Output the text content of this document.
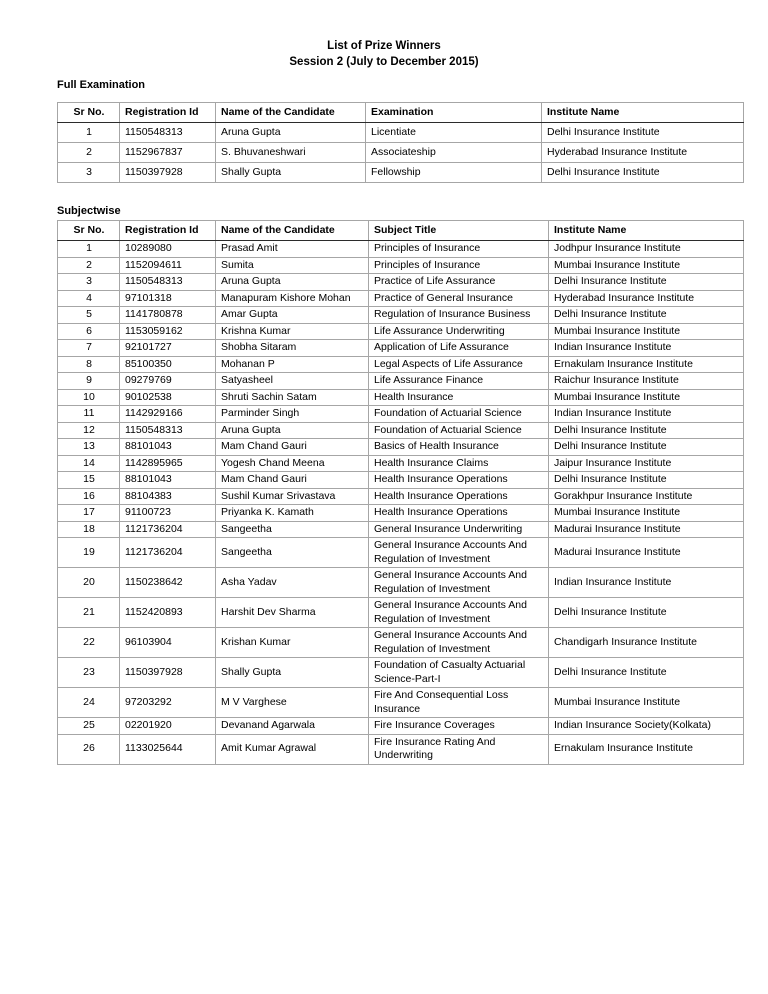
List of Prize Winners
Session 2 (July to December 2015)

Full Examination

Sr No.	Registration Id	Name of the Candidate	Examination	Institute Name
1	1150548313	Aruna Gupta	Licentiate	Delhi Insurance Institute
2	1152967837	S. Bhuvaneshwari	Associateship	Hyderabad Insurance Institute
3	1150397928	Shally Gupta	Fellowship	Delhi Insurance Institute

Subjectwise

Sr No.	Registration Id	Name of the Candidate	Subject Title	Institute Name
1	10289080	Prasad Amit	Principles of Insurance	Jodhpur Insurance Institute
2	1152094611	Sumita	Principles of Insurance	Mumbai Insurance Institute
3	1150548313	Aruna Gupta	Practice of Life Assurance	Delhi Insurance Institute
4	97101318	Manapuram Kishore Mohan	Practice of General Insurance	Hyderabad Insurance Institute
5	1141780878	Amar Gupta	Regulation of Insurance Business	Delhi Insurance Institute
6	1153059162	Krishna Kumar	Life Assurance Underwriting	Mumbai Insurance Institute
7	92101727	Shobha Sitaram	Application of Life Assurance	Indian Insurance Institute
8	85100350	Mohanan P	Legal Aspects of Life Assurance	Ernakulam Insurance Institute
9	09279769	Satyasheel	Life Assurance Finance	Raichur Insurance Institute
10	90102538	Shruti Sachin Satam	Health Insurance	Mumbai Insurance Institute
11	1142929166	Parminder Singh	Foundation of Actuarial Science	Indian Insurance Institute
12	1150548313	Aruna Gupta	Foundation of Actuarial Science	Delhi Insurance Institute
13	88101043	Mam Chand Gauri	Basics of Health Insurance	Delhi Insurance Institute
14	1142895965	Yogesh Chand Meena	Health Insurance Claims	Jaipur Insurance Institute
15	88101043	Mam Chand Gauri	Health Insurance Operations	Delhi Insurance Institute
16	88104383	Sushil Kumar Srivastava	Health Insurance Operations	Gorakhpur Insurance Institute
17	91100723	Priyanka K. Kamath	Health Insurance Operations	Mumbai Insurance Institute
18	1121736204	Sangeetha	General Insurance Underwriting	Madurai Insurance Institute
19	1121736204	Sangeetha	General Insurance Accounts And Regulation of Investment	Madurai Insurance Institute
20	1150238642	Asha Yadav	General Insurance Accounts And Regulation of Investment	Indian Insurance Institute
21	1152420893	Harshit Dev Sharma	General Insurance Accounts And Regulation of Investment	Delhi Insurance Institute
22	96103904	Krishan Kumar	General Insurance Accounts And Regulation of Investment	Chandigarh Insurance Institute
23	1150397928	Shally Gupta	Foundation of Casualty Actuarial Science-Part-I	Delhi Insurance Institute
24	97203292	M V Varghese	Fire And Consequential Loss Insurance	Mumbai Insurance Institute
25	02201920	Devanand Agarwala	Fire Insurance Coverages	Indian Insurance Society(Kolkata)
26	1133025644	Amit Kumar Agrawal	Fire Insurance Rating And Underwriting	Ernakulam Insurance Institute
